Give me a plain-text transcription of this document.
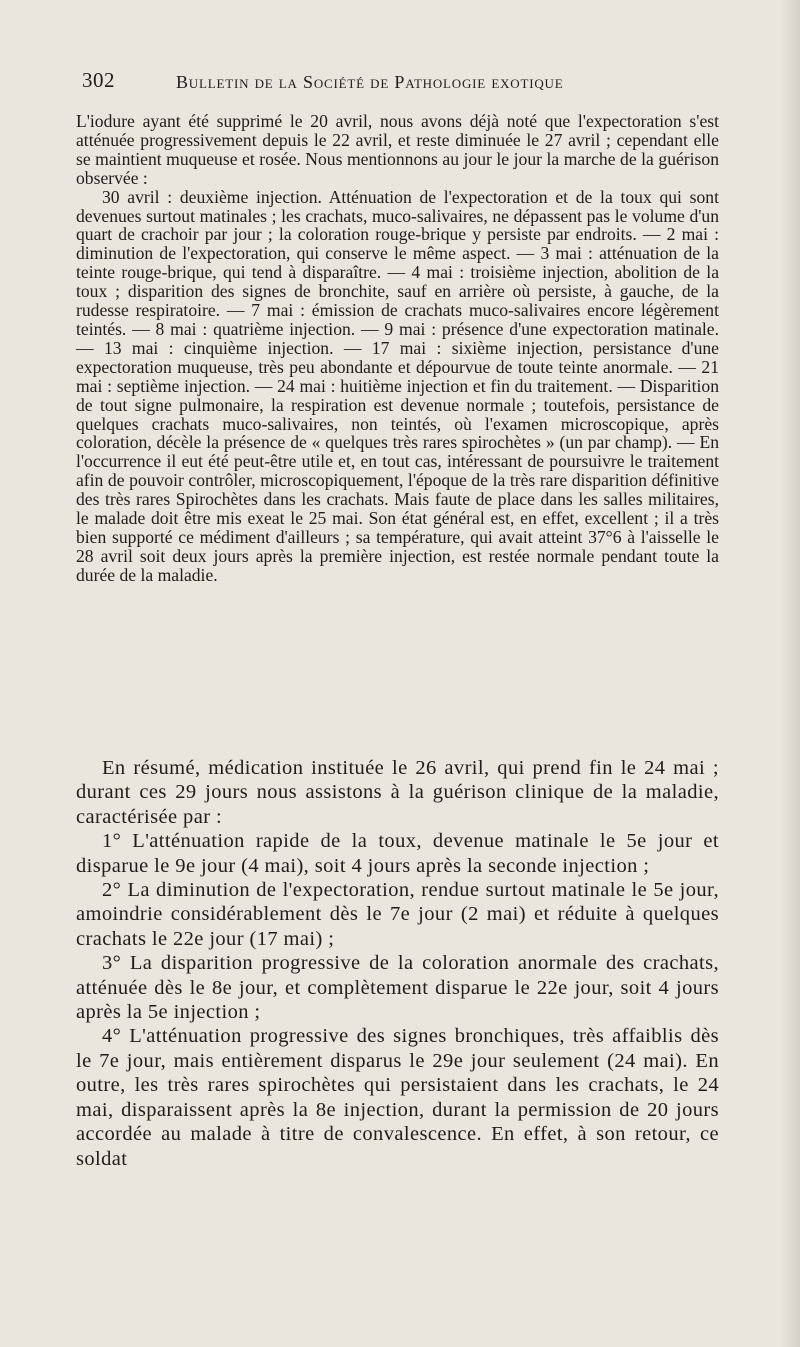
302	Bulletin de la Société de Pathologie exotique

L'iodure ayant été supprimé le 20 avril, nous avons déjà noté que l'expectoration s'est atténuée progressivement depuis le 22 avril, et reste diminuée le 27 avril ; cependant elle se maintient muqueuse et rosée. Nous mentionnons au jour le jour la marche de la guérison observée :

30 avril : deuxième injection. Atténuation de l'expectoration et de la toux qui sont devenues surtout matinales ; les crachats, muco-salivaires, ne dépassent pas le volume d'un quart de crachoir par jour ; la coloration rouge-brique y persiste par endroits. — 2 mai : diminution de l'expectoration, qui conserve le même aspect. — 3 mai : atténuation de la teinte rouge-brique, qui tend à disparaître. — 4 mai : troisième injection, abolition de la toux ; disparition des signes de bronchite, sauf en arrière où persiste, à gauche, de la rudesse respiratoire. — 7 mai : émission de crachats muco-salivaires encore légèrement teintés. — 8 mai : quatrième injection. — 9 mai : présence d'une expectoration matinale. — 13 mai : cinquième injection. — 17 mai : sixième injection, persistance d'une expectoration muqueuse, très peu abondante et dépourvue de toute teinte anormale. — 21 mai : septième injection. — 24 mai : huitième injection et fin du traitement. — Disparition de tout signe pulmonaire, la respiration est devenue normale ; toutefois, persistance de quelques crachats muco-salivaires, non teintés, où l'examen microscopique, après coloration, décèle la présence de « quelques très rares spirochètes » (un par champ). — En l'occurrence il eut été peut-être utile et, en tout cas, intéressant de poursuivre le traitement afin de pouvoir contrôler, microscopiquement, l'époque de la très rare disparition définitive des très rares Spirochètes dans les crachats. Mais faute de place dans les salles militaires, le malade doit être mis exeat le 25 mai. Son état général est, en effet, excellent ; il a très bien supporté ce médiment d'ailleurs ; sa température, qui avait atteint 37°6 à l'aisselle le 28 avril soit deux jours après la première injection, est restée normale pendant toute la durée de la maladie.

En résumé, médication instituée le 26 avril, qui prend fin le 24 mai ; durant ces 29 jours nous assistons à la guérison clinique de la maladie, caractérisée par :

1° L'atténuation rapide de la toux, devenue matinale le 5e jour et disparue le 9e jour (4 mai), soit 4 jours après la seconde injection ;

2° La diminution de l'expectoration, rendue surtout matinale le 5e jour, amoindrie considérablement dès le 7e jour (2 mai) et réduite à quelques crachats le 22e jour (17 mai) ;

3° La disparition progressive de la coloration anormale des crachats, atténuée dès le 8e jour, et complètement disparue le 22e jour, soit 4 jours après la 5e injection ;

4° L'atténuation progressive des signes bronchiques, très affaiblis dès le 7e jour, mais entièrement disparus le 29e jour seulement (24 mai). En outre, les très rares spirochètes qui persistaient dans les crachats, le 24 mai, disparaissent après la 8e injection, durant la permission de 20 jours accordée au malade à titre de convalescence. En effet, à son retour, ce soldat
